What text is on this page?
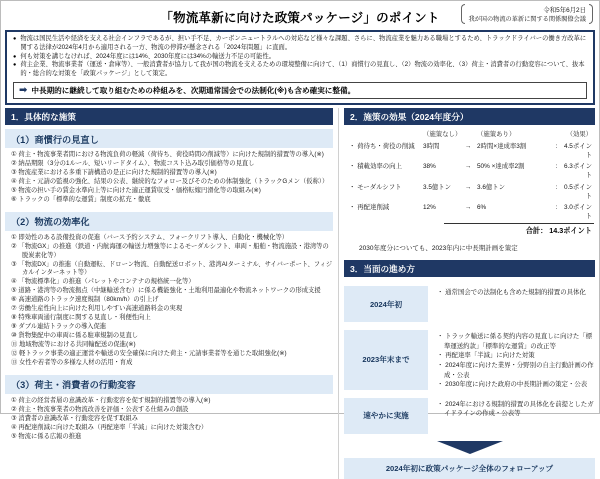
「物流革新に向けた政策パッケージ」のポイント
令和5年6月2日
我が国の物流の革新に関する関係閣僚会議
● 物流は国民生活や経済を支える社会インフラであるが、担い手不足、カーボンニュートラルへの対応など様々な課題、さらに、物流産業を魅力ある職場とするため、トラックドライバーの働き方改革に関する法律が2024年4月から適用される一方、物流の停滞が懸念される「2024年問題」に直面。
● 何も対策を講じなければ、2024年度には14%、2030年度には34%の輸送力不足の可能性。
● 荷主企業、物流事業者（運送・倉庫等）、一般消費者が協力して我が国の物流を支えるための環境整備に向けて、（1）商慣行の見直し、（2）物流の効率化、（3）荷主・消費者の行動変容について、抜本的・総合的な対策を「政策パッケージ」として策定。
➡ 中長期的に継続して取り組むための枠組みを、次期通常国会での法制化(※)も含め確実に整備。
1．具体的な施策
（1）商慣行の見直し
① 荷主・物流事業者間における物流負荷の軽減（荷待ち、荷役時間の削減等）に向けた規制的措置等の導入(※)
② 納品期限（3分の1ルール、短いリードタイム）、物流コスト込み取引価格等の見直し
③ 物流産業における多重下請構造の是正に向けた規制的措置等の導入(※)
④ 荷主・元請の監視の強化、結果の公表、継続的なフォロー及びそのための体制強化（トラックGメン（仮称））
⑤ 物流の担い手の賃金水準向上等に向けた適正運賃収受・価格転嫁円滑化等の取組み(※)
⑥ トラックの「標準的な運賃」制度の拡充・徹底
（2）物流の効率化
① 即効性のある設備投資の促進（バース予約システム、フォークリフト導入、自動化・機械化等）
② 「物流GX」の推進（鉄道・内航海運の輸送力増強等によるモーダルシフト、車両・船舶・物流施設・港湾等の脱炭素化等）
③ 「物流DX」の推進（自動運転、ドローン物流、自動配送ロボット、港湾AIターミナル、サイバーポート、フィジカルインターネット等）
④ 「物流標準化」の推進（パレットやコンテナの規格統一化等）
⑤ 道路・港湾等の物流拠点（中継輸送含む）に係る機能強化・土地利用最適化や物流ネットワークの形成支援
⑥ 高速道路のトラック速度規制（80km/h）の引上げ
⑦ 労働生産性向上に向けた利用しやすい高速道路料金の実現
⑧ 特殊車両通行制度に関する見直し・利便性向上
⑨ ダブル連結トラックの導入促進
⑩ 貨物集配中の車両に係る駐車規制の見直し
⑪ 地域物流等における共同輸配送の促進(※)
⑫ 軽トラック事業の適正運営や輸送の安全確保に向けた荷主・元請事業者等を通じた取組強化(※)
⑬ 女性や若者等の多様な人材の活用・育成
（3）荷主・消費者の行動変容
① 荷主の経営者層の意識改革・行動変容を促す規制的措置等の導入(※)
② 荷主・物流事業者の物流改善を評価・公表する仕組みの創設
③ 消費者の意識改革・行動変容を促す取組み
④ 再配達削減に向けた取組み（再配達率「半減」に向けた対策含む）
⑤ 物流に係る広報の推進
2．施策の効果（2024年度分）
（施策なし）	（施策あり）	（効果）
・ 荷待ち・荷役の削減	3時間	→ 2時間×達成率3割	： 4.5ポイント
・ 積載効率の向上	38%	→ 50% ×達成率2割	： 6.3ポイント
・ モーダルシフト	3.5億トン	→ 3.6億トン	： 0.5ポイント
・ 再配達削減	12%	→ 6%	： 3.0ポイント
合計： 14.3ポイント
2030年度分についても、2023年内に中長期計画を策定
3．当面の進め方
2024年初
・ 通常国会での法制化も含めた規制的措置の具体化
2023年末まで
・ トラック輸送に係る契約内容の見直しに向けた「標準運送約款」「標準的な運賃」の改正等
・ 再配達率「半減」に向けた対策
・ 2024年度に向けた業界・分野別の自主行動計画の作成・公表
・ 2030年度に向けた政府の中長期計画の策定・公表
速やかに実施
・ 2024年における規制的措置の具体化を前提としたガイドラインの作成・公表等
2024年初に政策パッケージ全体のフォローアップ
